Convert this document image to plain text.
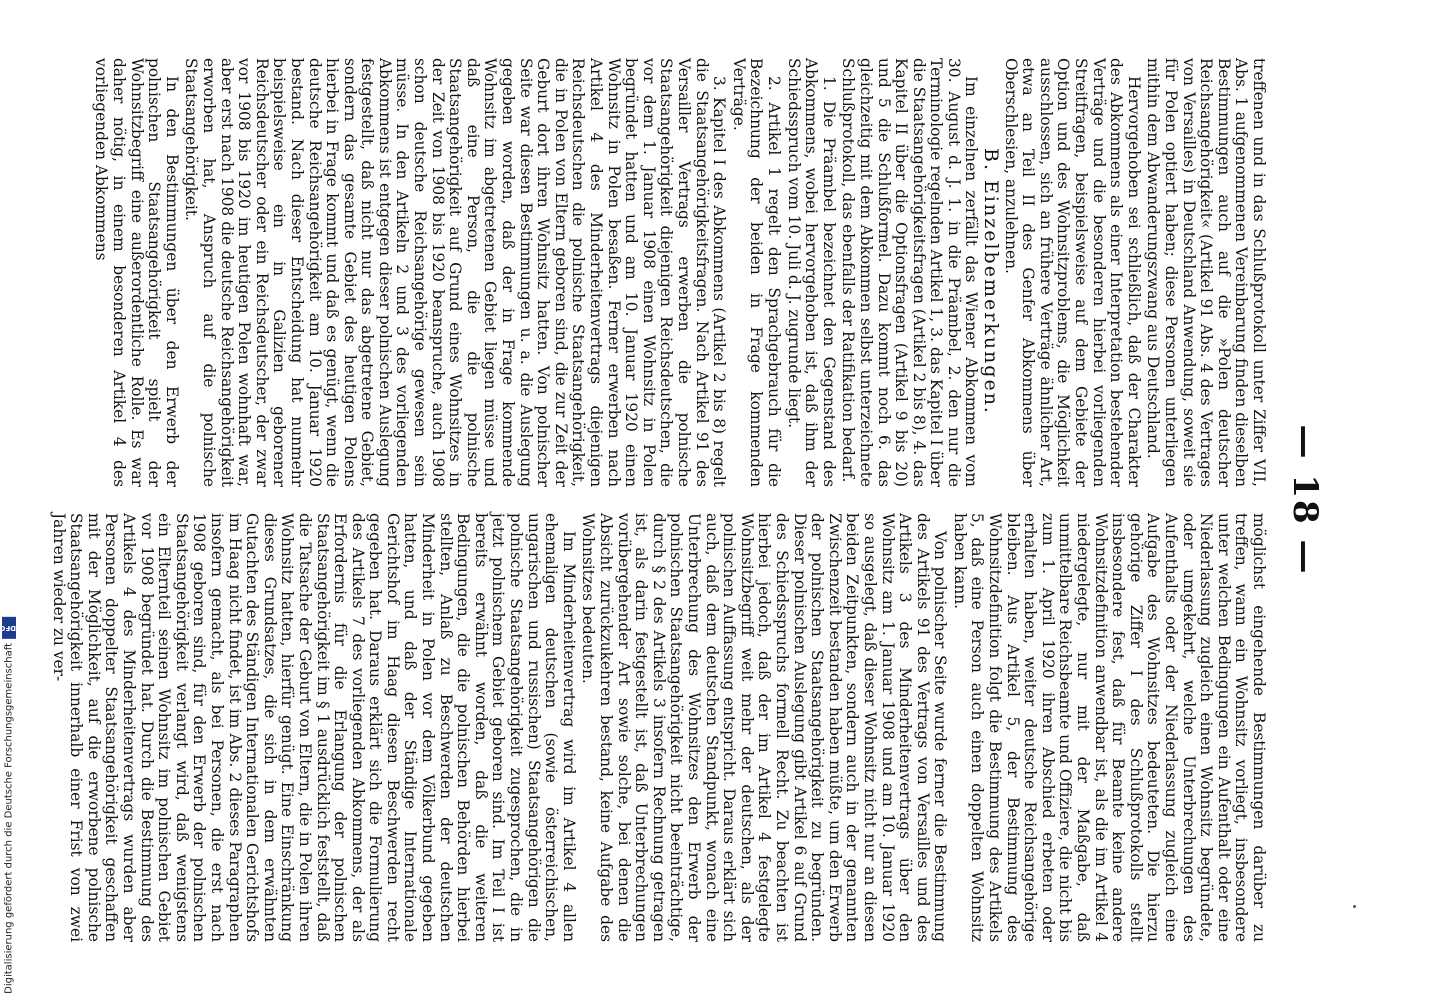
— 18 —

treffenen und in das Schlußprotokoll unter Ziffer VII, Abs. 1 aufgenommenen Vereinbarung finden dieselben Bestimmungen auch auf die »Polen deutscher Reichsangehörigkeit« (Artikel 91 Abs. 4 des Vertrages von Versailles) in Deutschland Anwendung, soweit sie für Polen optiert haben; diese Personen unterliegen mithin dem Abwanderungszwang aus Deutschland.

Hervorgehoben sei schließlich, daß der Charakter des Abkommens als einer Interpretation bestehender Verträge und die besonderen hierbei vorliegenden Streitfragen, beispielsweise auf dem Gebiete der Option und des Wohnsitzproblems, die Möglichkeit ausschlossen, sich an frühere Verträge ähnlicher Art, etwa an Teil II des Genfer Abkommens über Oberschlesien, anzulehnen.

B. Einzelbemerkungen.

Im einzelnen zerfällt das Wiener Abkommen vom 30. August d. J. 1. in die Präambel, 2. den nur die Terminologie regelnden Artikel 1, 3. das Kapitel I über die Staatsangehörigkeitsfragen (Artikel 2 bis 8), 4. das Kapitel II über die Optionsfragen (Artikel 9 bis 20) und 5 die Schlußformel. Dazu kommt noch 6. das gleichzeitig mit dem Abkommen selbst unterzeichnete Schlußprotokoll, das ebenfalls der Ratifikation bedarf.

1. Die Präambel bezeichnet den Gegenstand des Abkommens, wobei hervorgehoben ist, daß ihm der Schiedsspruch vom 10. Juli d. J. zugrunde liegt.

2. Artikel 1 regelt den Sprachgebrauch für die Bezeichnung der beiden in Frage kommenden Verträge.

3. Kapitel I des Abkommens (Artikel 2 bis 8) regelt die Staatsangehörigkeitsfragen. Nach Artikel 91 des Versailler Vertrags erwerben die polnische Staatsangehörigkeit diejenigen Reichsdeutschen, die vor dem 1. Januar 1908 einen Wohnsitz in Polen begründet hatten und am 10. Januar 1920 einen Wohnsitz in Polen besaßen. Ferner erwerben nach Artikel 4 des Minderheitenvertrags diejenigen Reichsdeutschen die polnische Staatsangehörigkeit, die in Polen von Eltern geboren sind, die zur Zeit der Geburt dort ihren Wohnsitz hatten. Von polnischer Seite war diesen Bestimmungen u. a. die Auslegung gegeben worden, daß der in Frage kommende Wohnsitz im abgetretenen Gebiet liegen müsse und daß eine Person, die die polnische Staatsangehörigkeit auf Grund eines Wohnsitzes in der Zeit von 1908 bis 1920 beanspruche, auch 1908 schon deutsche Reichsangehörige gewesen sein müsse. In den Artikeln 2 und 3 des vorliegenden Abkommens ist entgegen dieser polnischen Auslegung festgestellt, daß nicht nur das abgetretene Gebiet, sondern das gesamte Gebiet des heutigen Polens hierbei in Frage kommt und daß es genügt, wenn die deutsche Reichsangehörigkeit am 10. Januar 1920 bestand. Nach dieser Entscheidung hat nunmehr beispielsweise ein in Galizien geborener Reichsdeutscher oder ein Reichsdeutscher, der zwar vor 1908 bis 1920 im heutigen Polen wohnhaft war, aber erst nach 1908 die deutsche Reichsangehörigkeit erworben hat, Anspruch auf die polnische Staatsangehörigkeit.

In den Bestimmungen über den Erwerb der polnischen Staatsangehörigkeit spielt der Wohnsitzbegriff eine außerordentliche Rolle. Es war daher nötig, in einem besonderen Artikel 4 des vorliegenden Abkommens

möglichst eingehende Bestimmungen darüber zu treffen, wann ein Wohnsitz vorliegt, insbesondere unter welchen Bedingungen ein Aufenthalt oder eine Niederlassung zugleich einen Wohnsitz begründete, oder umgekehrt, welche Unterbrechungen des Aufenthalts oder der Niederlassung zugleich eine Aufgabe des Wohnsitzes bedeuteten. Die hierzu gehörige Ziffer I des Schlußprotokolls stellt insbesondere fest, daß für Beamte keine andere Wohnsitzdefinition anwendbar ist, als die im Artikel 4 niedergelegte, nur mit der Maßgabe, daß unmittelbare Reichsbeamte und Offiziere, die nicht bis zum 1. April 1920 ihren Abschied erbeten oder erhalten haben, weiter deutsche Reichsangehörige bleiben. Aus Artikel 5, der Bestimmung des Wohnsitzdefinition folgt die Bestimmung des Artikels 5, daß eine Person auch einen doppelten Wohnsitz haben kann.

Von polnischer Seite wurde ferner die Bestimmung des Artikels 91 des Vertrags von Versailles und des Artikels 3 des Minderheitenvertrags über den Wohnsitz am 1. Januar 1908 und am 10. Januar 1920 so ausgelegt, daß dieser Wohnsitz nicht nur an diesen beiden Zeitpunkten, sondern auch in der genannten Zwischenzeit bestanden haben müßte, um den Erwerb der polnischen Staatsangehörigkeit zu begründen. Dieser polnischen Auslegung gibt Artikel 6 auf Grund des Schiedsspruchs formell Recht. Zu beachten ist hierbei jedoch, daß der im Artikel 4 festgelegte Wohnsitzbegriff weit mehr der deutschen, als der polnischen Auffassung entspricht. Daraus erklärt sich auch, daß dem deutschen Standpunkt, wonach eine Unterbrechung des Wohnsitzes den Erwerb der polnischen Staatsangehörigkeit nicht beeinträchtige, durch § 2 des Artikels 3 insofern Rechnung getragen ist, als darin festgestellt ist, daß Unterbrechungen vorübergehender Art sowie solche, bei denen die Absicht zurückzukehren bestand, keine Aufgabe des Wohnsitzes bedeuten.

Im Minderheitenvertrag wird im Artikel 4 allen ehemaligen deutschen (sowie österreichischen, ungarischen und russischen) Staatsangehörigen die polnische Staatsangehörigkeit zugesprochen, die in jetzt polnischem Gebiet geboren sind. Im Teil I ist bereits erwähnt worden, daß die weiteren Bedingungen, die die polnischen Behörden hierbei stellten, Anlaß zu Beschwerden der deutschen Minderheit in Polen vor dem Völkerbund gegeben hatten, und daß der Ständige Internationale Gerichtshof im Haag diesen Beschwerden recht gegeben hat. Daraus erklärt sich die Formulierung des Artikels 7 des vorliegenden Abkommens, der als Erfordernis für die Erlangung der polnischen Staatsangehörigkeit im § 1 ausdrücklich feststellt, daß die Tatsache der Geburt von Eltern, die in Polen ihren Wohnsitz hatten, hierfür genügt. Eine Einschränkung dieses Grundsatzes, die sich in dem erwähnten Gutachten des Ständigen Internationalen Gerichtshofs im Haag nicht findet, ist im Abs. 2 dieses Paragraphen insofern gemacht, als bei Personen, die erst nach 1908 geboren sind, für den Erwerb der polnischen Staatsangehörigkeit verlangt wird, daß wenigstens ein Elternteil seinen Wohnsitz im polnischen Gebiet vor 1908 begründet hat. Durch die Bestimmung des Artikels 4 des Minderheitenvertrags wurden aber Personen doppelter Staatsangehörigkeit geschaffen mit der Möglichkeit, auf die erworbene polnische Staatsangehörigkeit innerhalb einer Frist von zwei Jahren wieder zu ver-

Digitalisierung gefördert durch die Deutsche Forschungsgemeinschaft
DFG
